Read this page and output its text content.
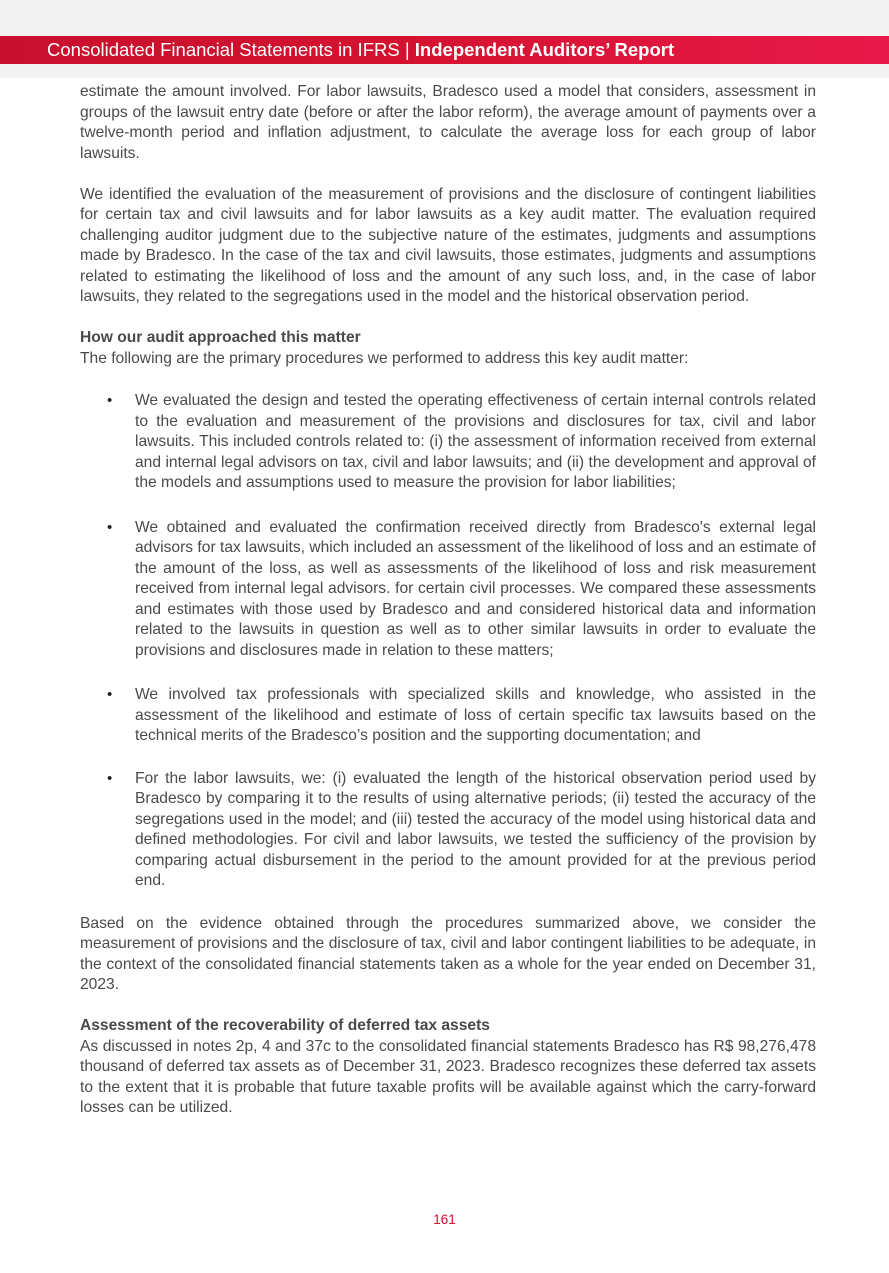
Consolidated Financial Statements in IFRS | Independent Auditors’ Report

estimate the amount involved. For labor lawsuits, Bradesco used a model that considers, assessment in groups of the lawsuit entry date (before or after the labor reform), the average amount of payments over a twelve-month period and inflation adjustment, to calculate the average loss for each group of labor lawsuits.

We identified the evaluation of the measurement of provisions and the disclosure of contingent liabilities for certain tax and civil lawsuits and for labor lawsuits as a key audit matter. The evaluation required challenging auditor judgment due to the subjective nature of the estimates, judgments and assumptions made by Bradesco. In the case of the tax and civil lawsuits, those estimates, judgments and assumptions related to estimating the likelihood of loss and the amount of any such loss, and, in the case of labor lawsuits, they related to the segregations used in the model and the historical observation period.

How our audit approached this matter

The following are the primary procedures we performed to address this key audit matter:

• We evaluated the design and tested the operating effectiveness of certain internal controls related to the evaluation and measurement of the provisions and disclosures for tax, civil and labor lawsuits. This included controls related to: (i) the assessment of information received from external and internal legal advisors on tax, civil and labor lawsuits; and (ii) the development and approval of the models and assumptions used to measure the provision for labor liabilities;
• We obtained and evaluated the confirmation received directly from Bradesco's external legal advisors for tax lawsuits, which included an assessment of the likelihood of loss and an estimate of the amount of the loss, as well as assessments of the likelihood of loss and risk measurement received from internal legal advisors. for certain civil processes. We compared these assessments and estimates with those used by Bradesco and and considered historical data and information related to the lawsuits in question as well as to other similar lawsuits in order to evaluate the provisions and disclosures made in relation to these matters;
• We involved tax professionals with specialized skills and knowledge, who assisted in the assessment of the likelihood and estimate of loss of certain specific tax lawsuits based on the technical merits of the Bradesco’s position and the supporting documentation; and
• For the labor lawsuits, we: (i) evaluated the length of the historical observation period used by Bradesco by comparing it to the results of using alternative periods; (ii) tested the accuracy of the segregations used in the model; and (iii) tested the accuracy of the model using historical data and defined methodologies. For civil and labor lawsuits, we tested the sufficiency of the provision by comparing actual disbursement in the period to the amount provided for at the previous period end.

Based on the evidence obtained through the procedures summarized above, we consider the measurement of provisions and the disclosure of tax, civil and labor contingent liabilities to be adequate, in the context of the consolidated financial statements taken as a whole for the year ended on December 31, 2023.

Assessment of the recoverability of deferred tax assets

As discussed in notes 2p, 4 and 37c to the consolidated financial statements Bradesco has R$ 98,276,478 thousand of deferred tax assets as of December 31, 2023. Bradesco recognizes these deferred tax assets to the extent that it is probable that future taxable profits will be available against which the carry-forward losses can be utilized.

161
